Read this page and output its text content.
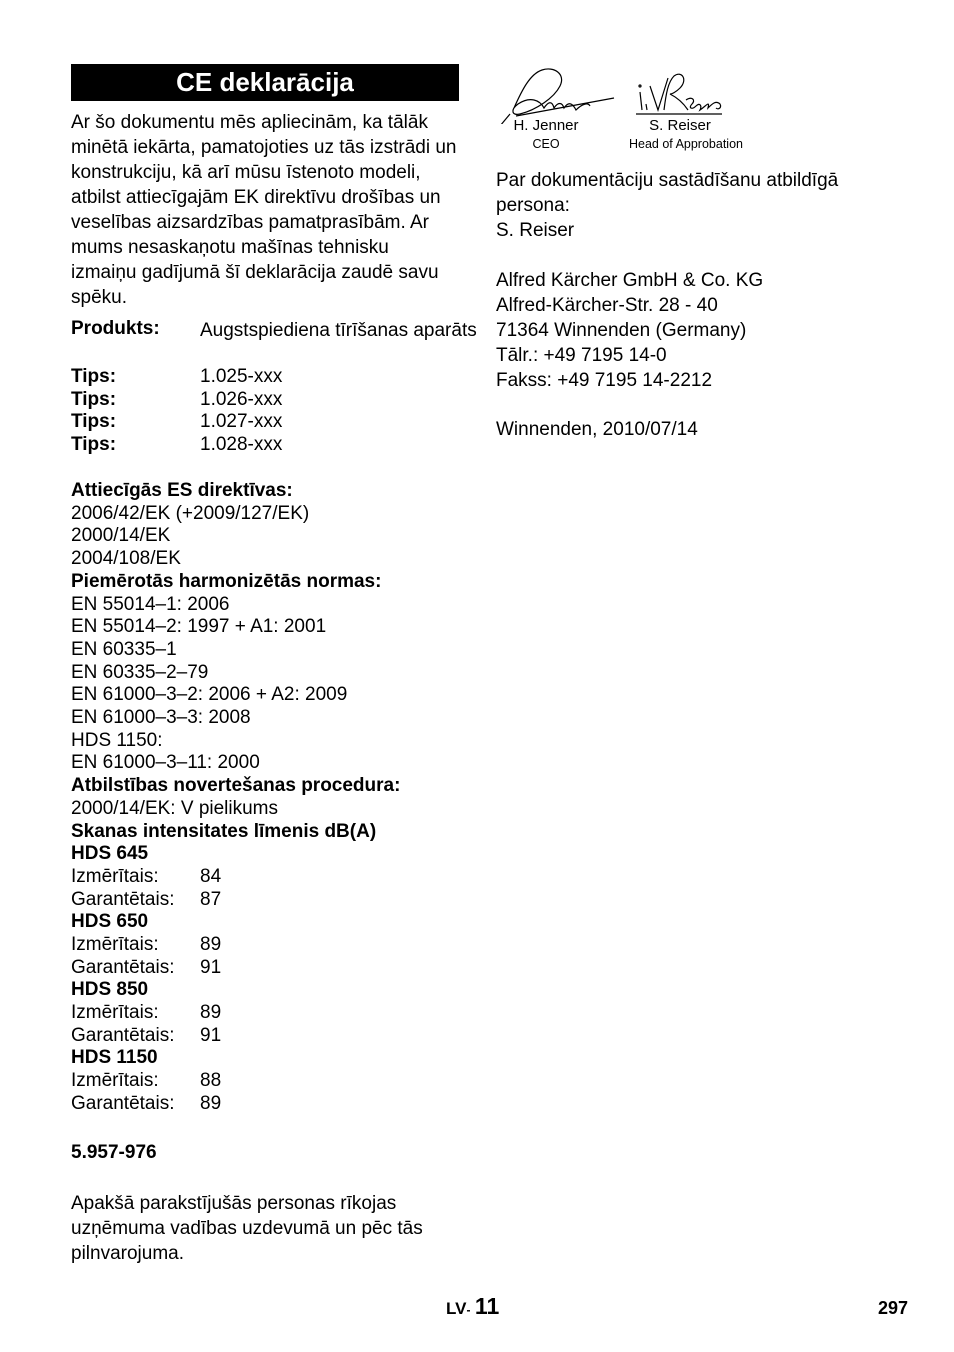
CE deklarācija
Ar šo dokumentu mēs apliecinām, ka tālāk minētā iekārta, pamatojoties uz tās izstrādi un konstrukciju, kā arī mūsu īstenoto modeli, atbilst attiecīgajām EK direktīvu drošības un veselības aizsardzības pamatprasībām. Ar mums nesaskaņotu mašīnas tehnisku izmaiņu gadījumā šī deklarācija zaudē savu spēku.
Produkts: Augstspiediena tīrīšanas aparāts
Tips:	1.025-xxx
Tips:	1.026-xxx
Tips:	1.027-xxx
Tips:	1.028-xxx
Attiecīgās ES direktīvas:
2006/42/EK (+2009/127/EK)
2000/14/EK
2004/108/EK
Piemērotās harmonizētās normas:
EN 55014–1: 2006
EN 55014–2: 1997 + A1: 2001
EN 60335–1
EN 60335–2–79
EN 61000–3–2: 2006 + A2: 2009
EN 61000–3–3: 2008
HDS 1150:
EN 61000–3–11: 2000
Atbilstības novertešanas procedura:
2000/14/EK: V pielikums
Skanas intensitates līmenis dB(A)
HDS 645
Izmērītais: 84
Garantētais: 87
HDS 650
Izmērītais: 89
Garantētais: 91
HDS 850
Izmērītais: 89
Garantētais: 91
HDS 1150
Izmērītais: 88
Garantētais: 89
5.957-976
Apakšā parakstījušās personas rīkojas uzņēmuma vadības uzdevumā un pēc tās pilnvarojuma.
H. Jenner
CEO
S. Reiser
Head of Approbation
Par dokumentāciju sastādīšanu atbildīgā persona:
S. Reiser
Alfred Kärcher GmbH & Co. KG
Alfred-Kärcher-Str. 28 - 40
71364 Winnenden (Germany)
Tālr.: +49 7195 14-0
Fakss: +49 7195 14-2212
Winnenden, 2010/07/14
LV- 11	297
